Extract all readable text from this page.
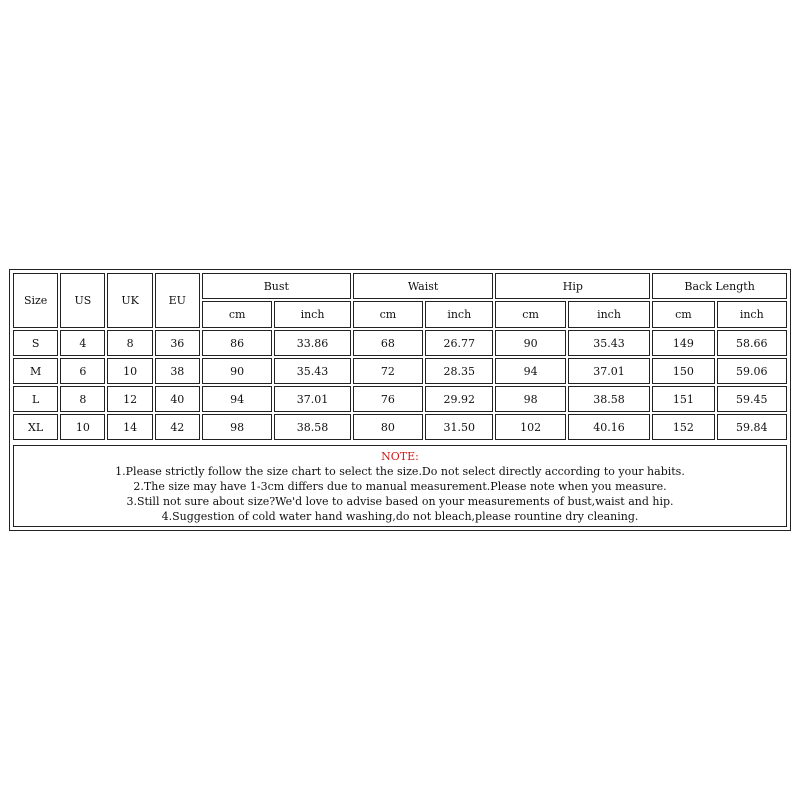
Size	US	UK	EU	Bust		Waist		Hip		Back Length	
				cm	inch	cm	inch	cm	inch	cm	inch
S	4	8	36	86	33.86	68	26.77	90	35.43	149	58.66
M	6	10	38	90	35.43	72	28.35	94	37.01	150	59.06
L	8	12	40	94	37.01	76	29.92	98	38.58	151	59.45
XL	10	14	42	98	38.58	80	31.50	102	40.16	152	59.84
NOTE:
1.Please strictly follow the size chart to select the size.Do not select directly according to your habits.
2.The size may have 1-3cm differs due to manual measurement.Please note when you measure.
3.Still not sure about size?We'd love to advise based on your measurements of bust,waist and hip.
4.Suggestion of cold water hand washing,do not bleach,please rountine dry cleaning.
